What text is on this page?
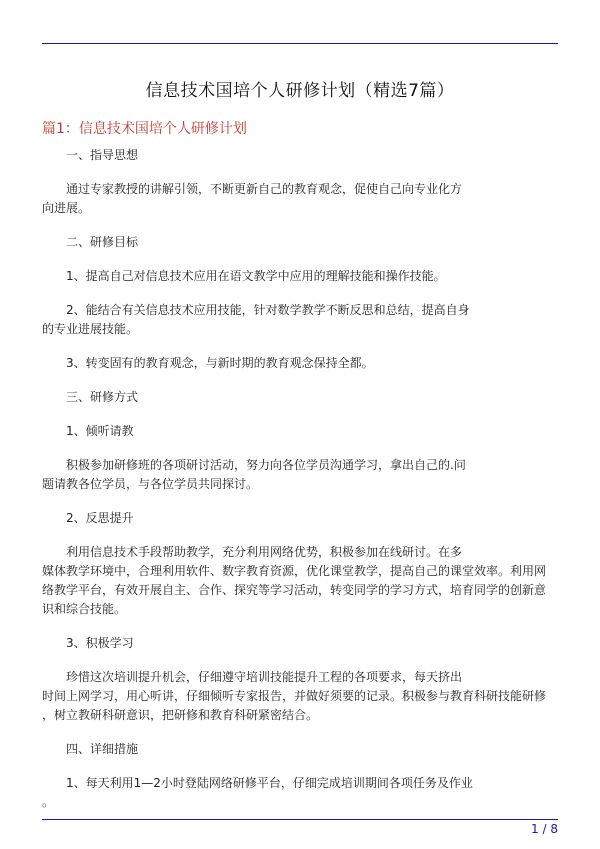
信息技术国培个人研修计划（精选7篇）
篇1：信息技术国培个人研修计划
一、指导思想
通过专家教授的讲解引领，不断更新自己的教育观念，促使自己向专业化方
向进展。
二、研修目标
1、提高自己对信息技术应用在语文教学中应用的理解技能和操作技能。
2、能结合有关信息技术应用技能，针对数学教学不断反思和总结，提高自身
的专业进展技能。
3、转变固有的教育观念，与新时期的教育观念保持全都。
三、研修方式
1、倾听请教
积极参加研修班的各项研讨活动，努力向各位学员沟通学习，拿出自己的.问
题请教各位学员，与各位学员共同探讨。
2、反思提升
利用信息技术手段帮助教学，充分利用网络优势，积极参加在线研讨。在多
媒体教学环境中，合理利用软件、数字教育资源，优化课堂教学，提高自己的课堂效率。利用网
络教学平台，有效开展自主、合作、探究等学习活动，转变同学的学习方式，培育同学的创新意
识和综合技能。
3、积极学习
珍惜这次培训提升机会，仔细遵守培训技能提升工程的各项要求，每天挤出
时间上网学习，用心听讲，仔细倾听专家报告，并做好须要的记录。积极参与教育科研技能研修
，树立教研科研意识，把研修和教育科研紧密结合。
四、详细措施
1、每天利用1—2小时登陆网络研修平台，仔细完成培训期间各项任务及作业
。
1 / 8
